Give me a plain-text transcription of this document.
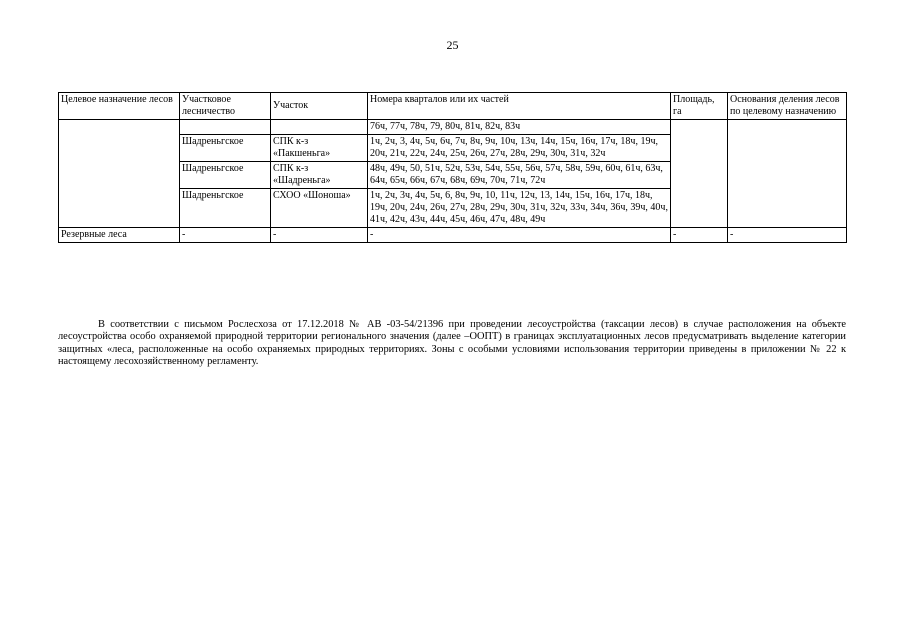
25
Целевое назначение лесов	Участковое лесничество	Участок	Номера кварталов или их частей	Площадь, га	Основания деления лесов по целевому назначению
			76ч, 77ч, 78ч, 79, 80ч, 81ч, 82ч, 83ч		
	Шадреньгское	СПК к-з «Пакшеньга»	1ч, 2ч, 3, 4ч, 5ч, 6ч, 7ч, 8ч, 9ч, 10ч, 13ч, 14ч, 15ч, 16ч, 17ч, 18ч, 19ч, 20ч, 21ч, 22ч, 24ч, 25ч, 26ч, 27ч, 28ч, 29ч, 30ч, 31ч, 32ч		
	Шадреньгское	СПК к-з «Шадреньга»	48ч, 49ч, 50, 51ч, 52ч, 53ч, 54ч, 55ч, 56ч, 57ч, 58ч, 59ч, 60ч, 61ч, 63ч, 64ч, 65ч, 66ч, 67ч, 68ч, 69ч, 70ч, 71ч, 72ч		
	Шадреньгское	СХОО «Шоноша»	1ч, 2ч, 3ч, 4ч, 5ч, 6, 8ч, 9ч, 10, 11ч, 12ч, 13, 14ч, 15ч, 16ч, 17ч, 18ч, 19ч, 20ч, 24ч, 26ч, 27ч, 28ч, 29ч, 30ч, 31ч, 32ч, 33ч, 34ч, 36ч, 39ч, 40ч, 41ч, 42ч, 43ч, 44ч, 45ч, 46ч, 47ч, 48ч, 49ч		
Резервные леса	-	-	-	-	-

В соответствии с письмом Рослесхоза от 17.12.2018 № АВ -03-54/21396 при проведении лесоустройства (таксации лесов) в случае расположения на объекте лесоустройства особо охраняемой природной территории регионального значения (далее –ООПТ) в границах эксплуатационных лесов предусматривать выделение категории защитных «леса, расположенные на особо охраняемых природных территориях. Зоны с особыми условиями использования территории приведены в приложении № 22 к настоящему лесохозяйственному регламенту.
